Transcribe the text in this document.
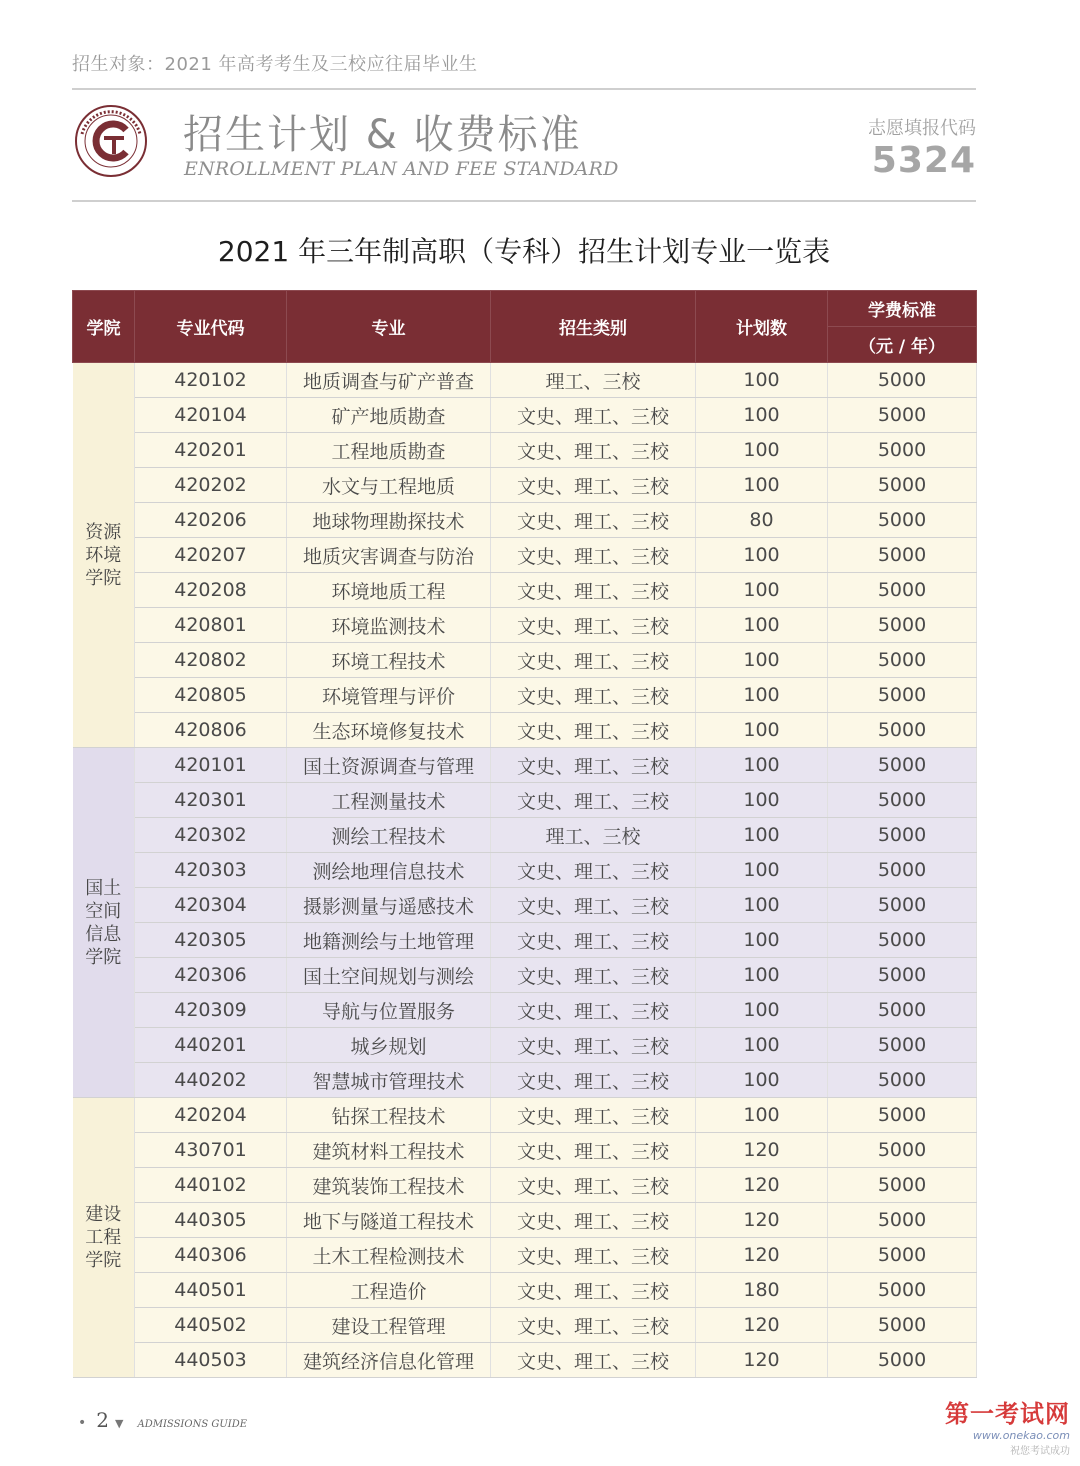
招生对象：2021 年高考考生及三校应往届毕业生
招生计划 & 收费标准
ENROLLMENT PLAN AND FEE STANDARD
志愿填报代码
5324
2021 年三年制高职（专科）招生计划专业一览表
学院	专业代码	专业	招生类别	计划数	学费标准
					（元 / 年）

资源
环境
学院	420102	地质调查与矿产普查	理工、三校	100	5000
	420104	矿产地质勘查	文史、理工、三校	100	5000
	420201	工程地质勘查	文史、理工、三校	100	5000
	420202	水文与工程地质	文史、理工、三校	100	5000
	420206	地球物理勘探技术	文史、理工、三校	80	5000
	420207	地质灾害调查与防治	文史、理工、三校	100	5000
	420208	环境地质工程	文史、理工、三校	100	5000
	420801	环境监测技术	文史、理工、三校	100	5000
	420802	环境工程技术	文史、理工、三校	100	5000
	420805	环境管理与评价	文史、理工、三校	100	5000
	420806	生态环境修复技术	文史、理工、三校	100	5000

国土
空间
信息
学院	420101	国土资源调查与管理	文史、理工、三校	100	5000
	420301	工程测量技术	文史、理工、三校	100	5000
	420302	测绘工程技术	理工、三校	100	5000
	420303	测绘地理信息技术	文史、理工、三校	100	5000
	420304	摄影测量与遥感技术	文史、理工、三校	100	5000
	420305	地籍测绘与土地管理	文史、理工、三校	100	5000
	420306	国土空间规划与测绘	文史、理工、三校	100	5000
	420309	导航与位置服务	文史、理工、三校	100	5000
	440201	城乡规划	文史、理工、三校	100	5000
	440202	智慧城市管理技术	文史、理工、三校	100	5000

建设
工程
学院	420204	钻探工程技术	文史、理工、三校	100	5000
	430701	建筑材料工程技术	文史、理工、三校	120	5000
	440102	建筑装饰工程技术	文史、理工、三校	120	5000
	440305	地下与隧道工程技术	文史、理工、三校	120	5000
	440306	土木工程检测技术	文史、理工、三校	120	5000
	440501	工程造价	文史、理工、三校	180	5000
	440502	建设工程管理	文史、理工、三校	120	5000
	440503	建筑经济信息化管理	文史、理工、三校	120	5000
• 2 ▼ ADMISSIONS GUIDE	第一考试网
www.onekao.com
祝您考试成功
